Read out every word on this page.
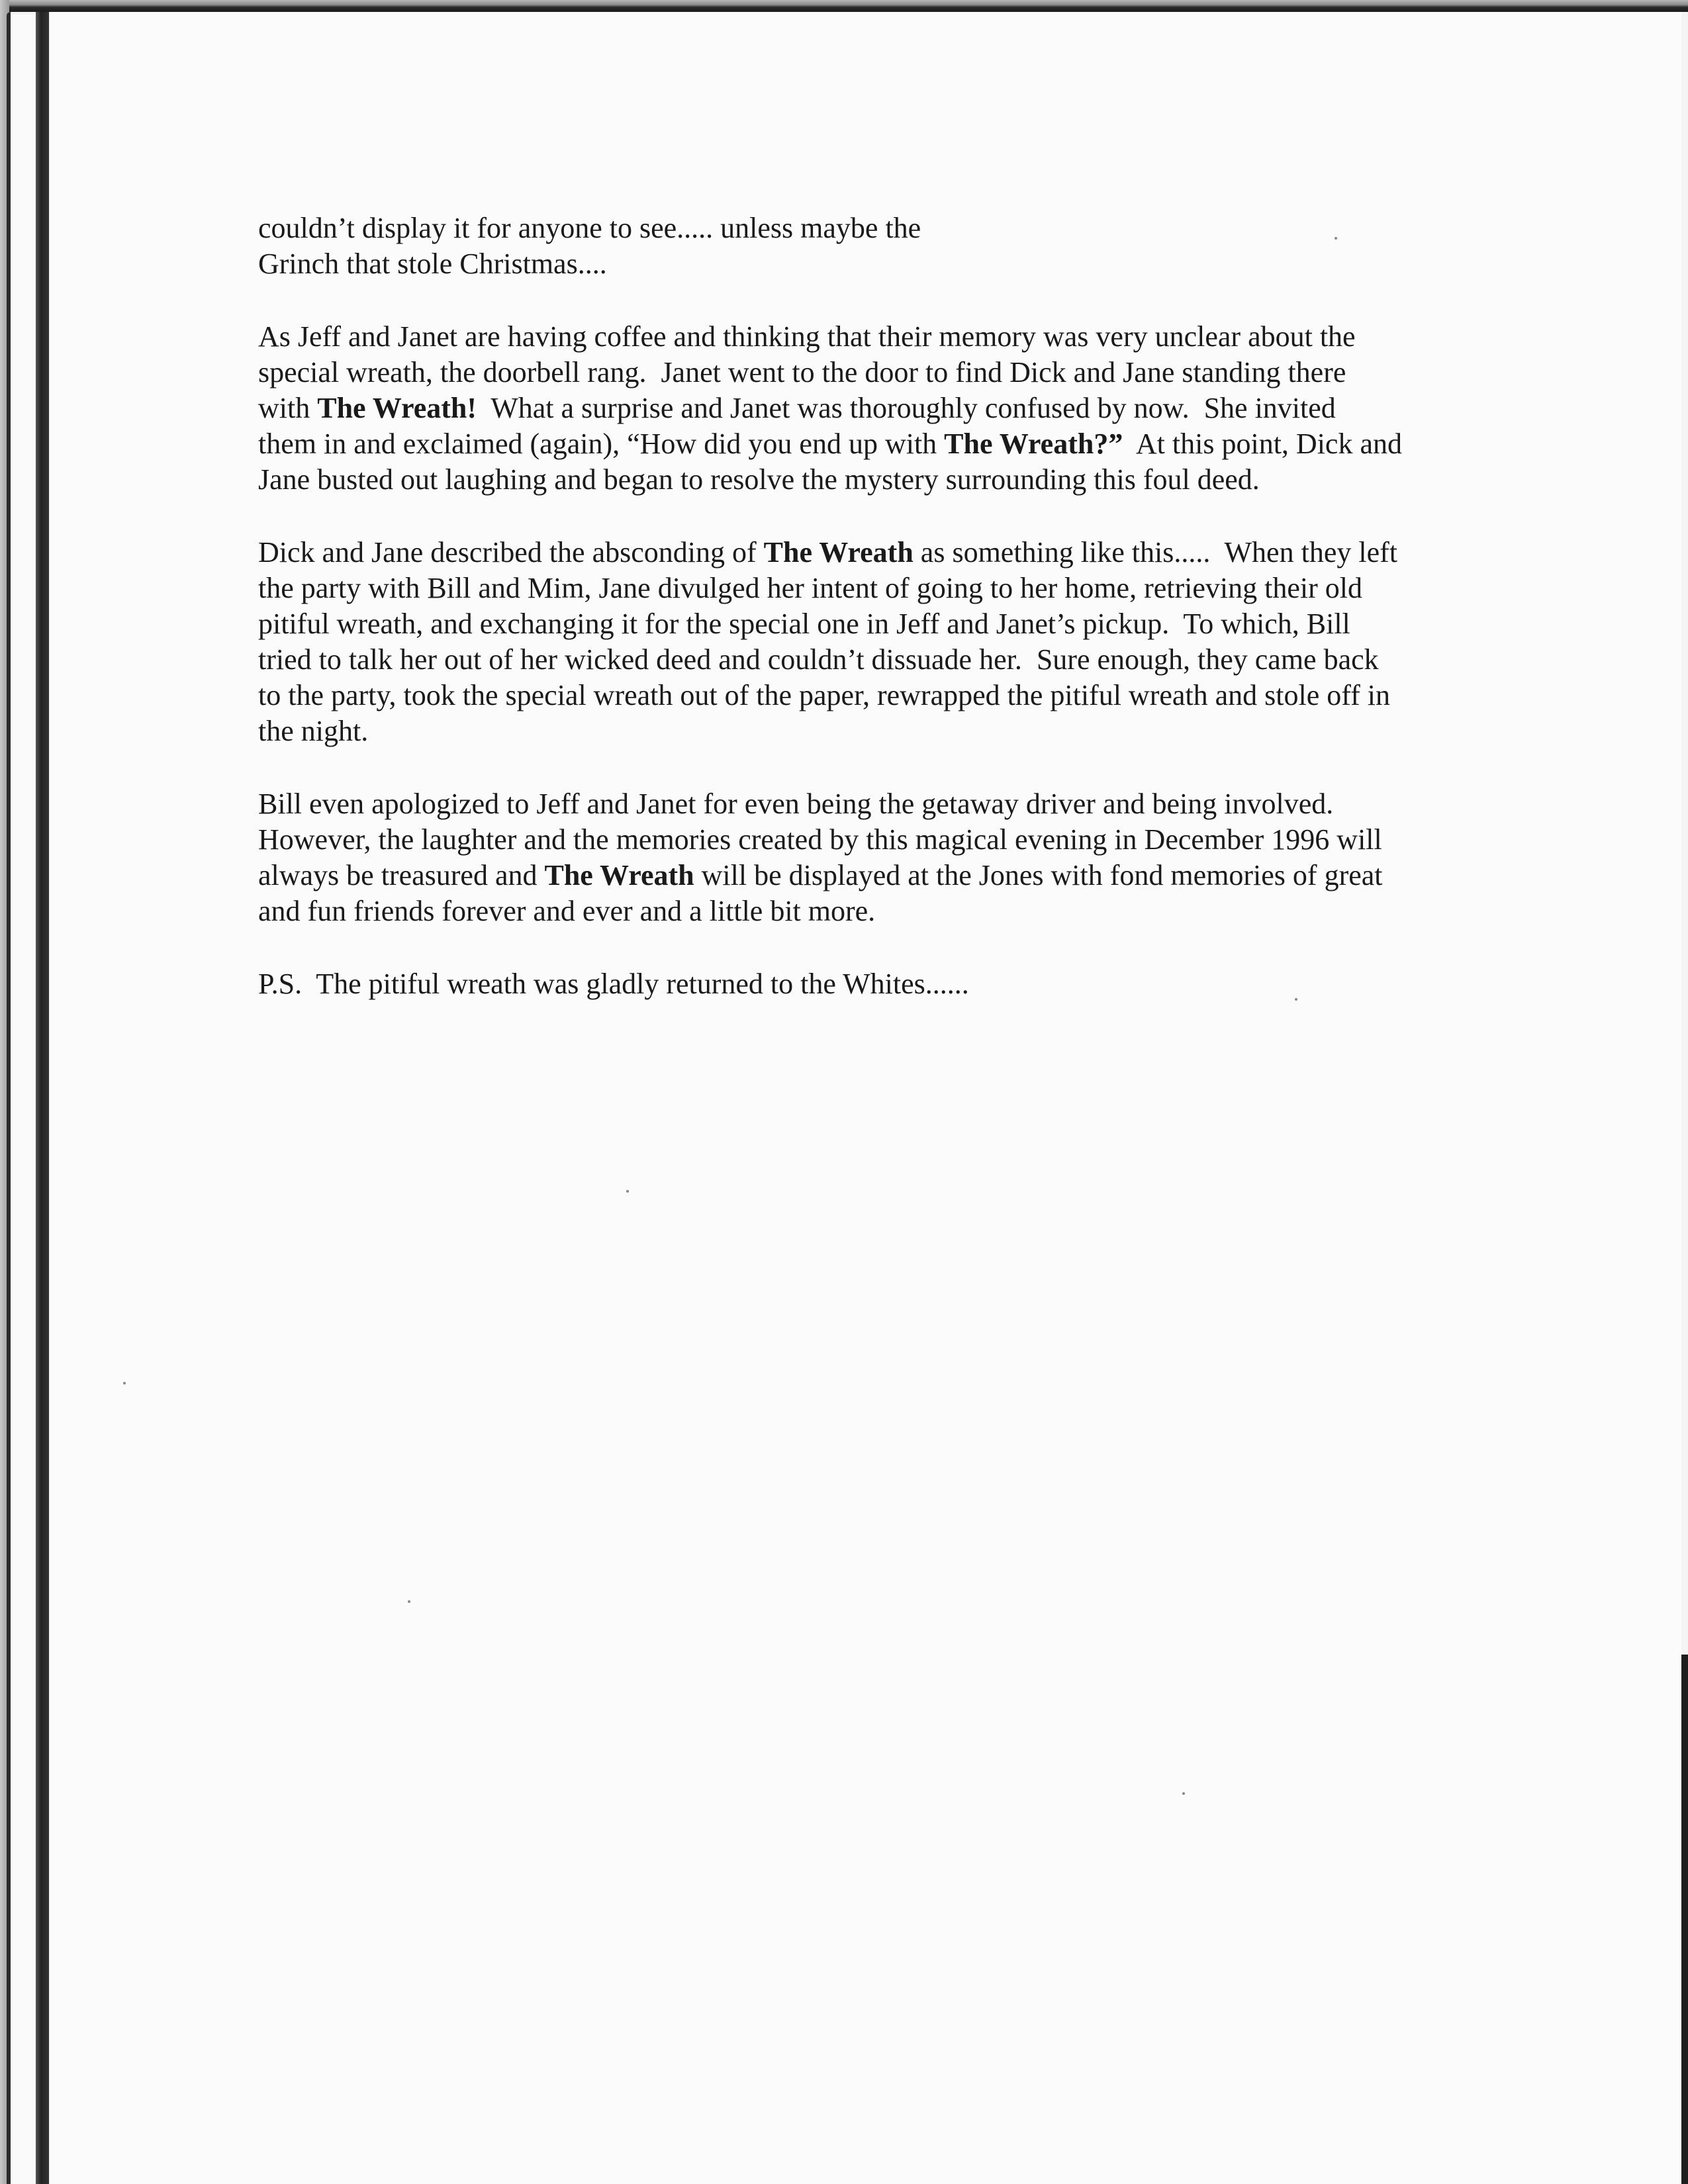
couldn’t display it for anyone to see..... unless maybe the
Grinch that stole Christmas....
As Jeff and Janet are having coffee and thinking that their memory was very unclear about the
special wreath, the doorbell rang.  Janet went to the door to find Dick and Jane standing there
with The Wreath!  What a surprise and Janet was thoroughly confused by now.  She invited
them in and exclaimed (again), “How did you end up with The Wreath?”  At this point, Dick and
Jane busted out laughing and began to resolve the mystery surrounding this foul deed.
Dick and Jane described the absconding of The Wreath as something like this.....  When they left
the party with Bill and Mim, Jane divulged her intent of going to her home, retrieving their old
pitiful wreath, and exchanging it for the special one in Jeff and Janet’s pickup.  To which, Bill
tried to talk her out of her wicked deed and couldn’t dissuade her.  Sure enough, they came back
to the party, took the special wreath out of the paper, rewrapped the pitiful wreath and stole off in
the night.
Bill even apologized to Jeff and Janet for even being the getaway driver and being involved.
However, the laughter and the memories created by this magical evening in December 1996 will
always be treasured and The Wreath will be displayed at the Jones with fond memories of great
and fun friends forever and ever and a little bit more.
P.S.  The pitiful wreath was gladly returned to the Whites......
